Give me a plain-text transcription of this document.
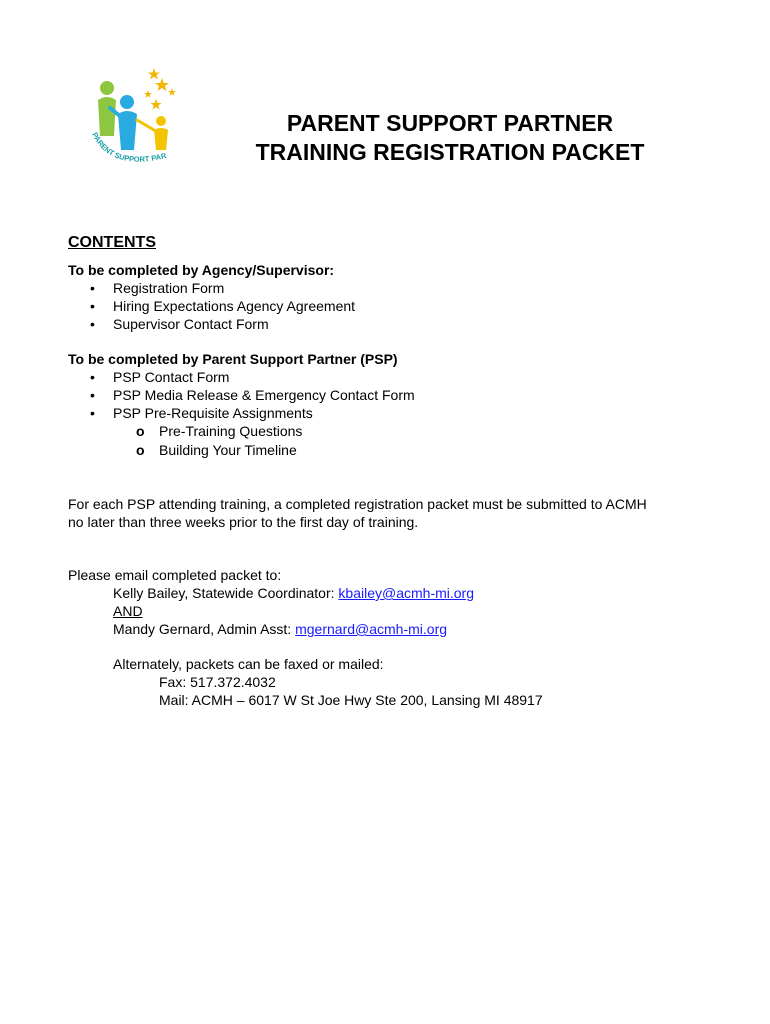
PARENT SUPPORT PAR
PARENT SUPPORT PARTNER
TRAINING REGISTRATION PACKET
CONTENTS
To be completed by Agency/Supervisor:
• Registration Form
• Hiring Expectations Agency Agreement
• Supervisor Contact Form
To be completed by Parent Support Partner (PSP)
• PSP Contact Form
• PSP Media Release & Emergency Contact Form
• PSP Pre-Requisite Assignments
o Pre-Training Questions
o Building Your Timeline
For each PSP attending training, a completed registration packet must be submitted to ACMH
no later than three weeks prior to the first day of training.
Please email completed packet to:
Kelly Bailey, Statewide Coordinator: kbailey@acmh-mi.org
AND
Mandy Gernard, Admin Asst: mgernard@acmh-mi.org
Alternately, packets can be faxed or mailed:
Fax: 517.372.4032
Mail: ACMH – 6017 W St Joe Hwy Ste 200, Lansing MI 48917
